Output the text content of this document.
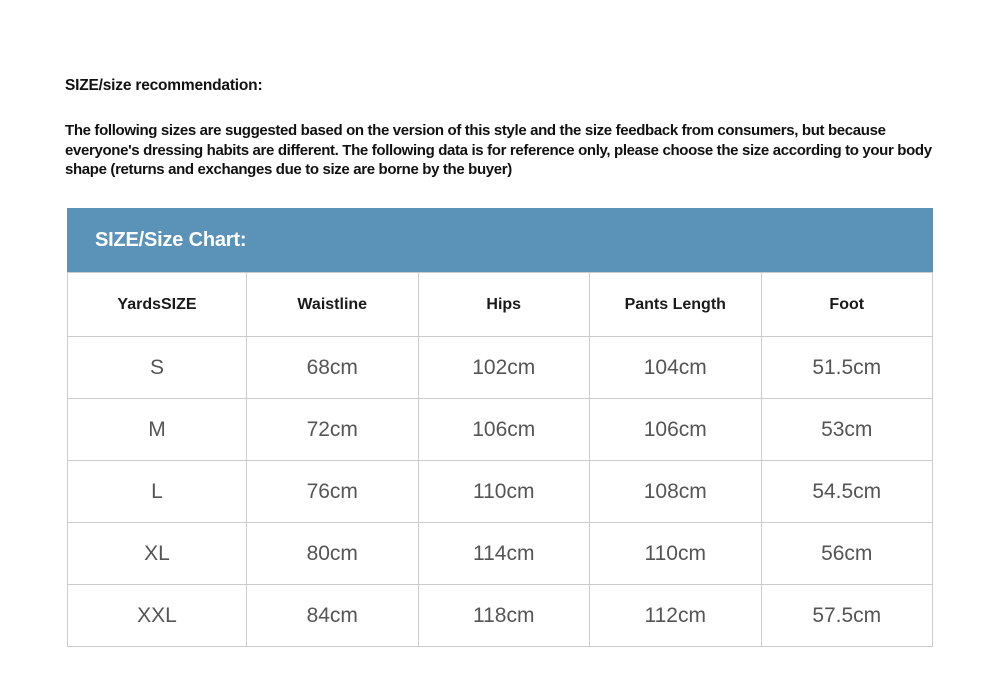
SIZE/size recommendation:
The following sizes are suggested based on the version of this style and the size feedback from consumers, but because everyone's dressing habits are different. The following data is for reference only, please choose the size according to your body shape (returns and exchanges due to size are borne by the buyer)
SIZE/Size Chart:
YardsSIZE	Waistline	Hips	Pants Length	Foot
S	68cm	102cm	104cm	51.5cm
M	72cm	106cm	106cm	53cm
L	76cm	110cm	108cm	54.5cm
XL	80cm	114cm	110cm	56cm
XXL	84cm	118cm	112cm	57.5cm
